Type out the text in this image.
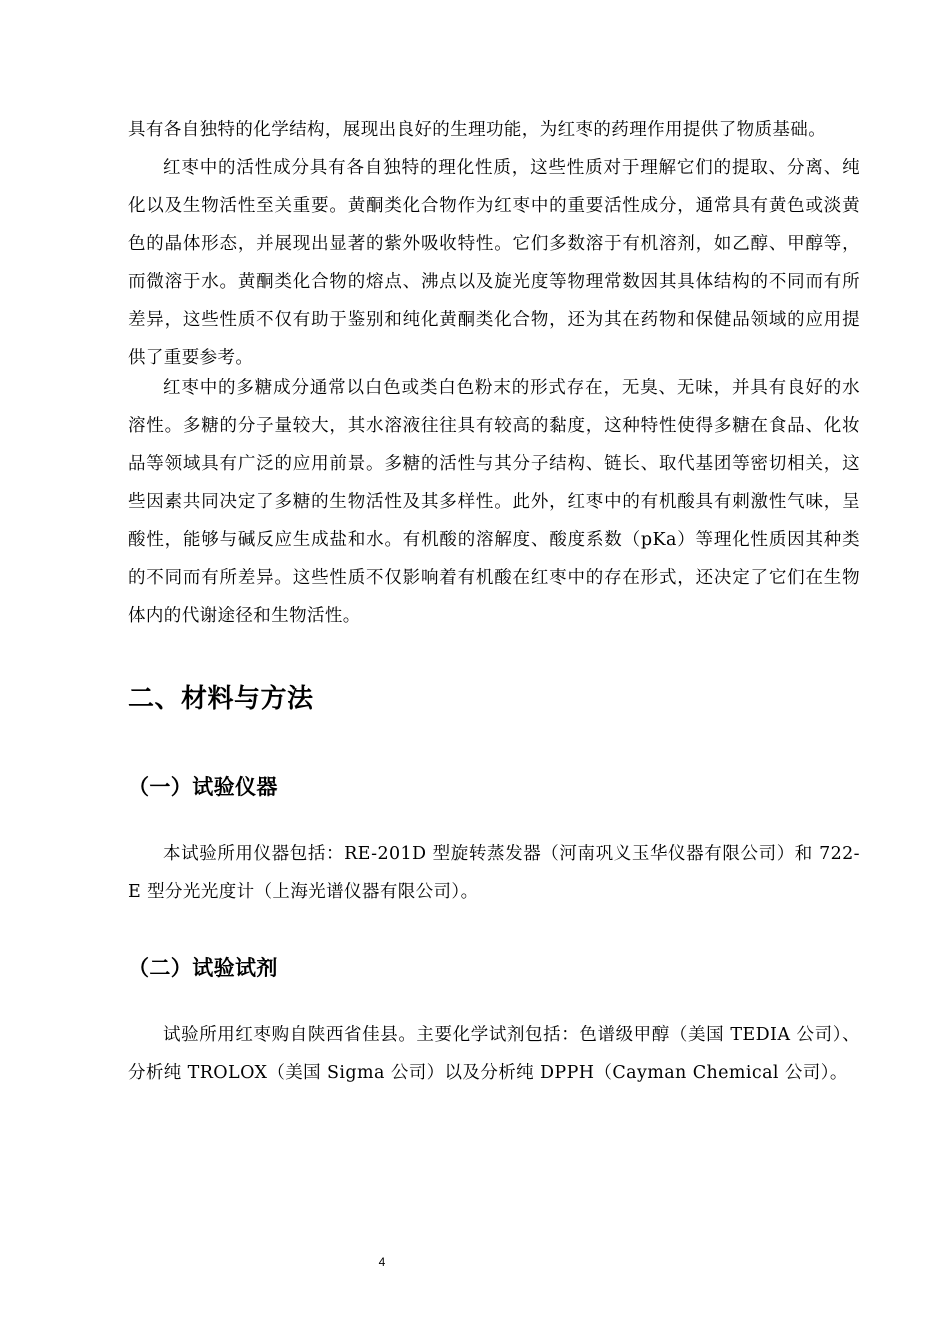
具有各自独特的化学结构，展现出良好的生理功能，为红枣的药理作用提供了物质基础。

红枣中的活性成分具有各自独特的理化性质，这些性质对于理解它们的提取、分离、纯化以及生物活性至关重要。黄酮类化合物作为红枣中的重要活性成分，通常具有黄色或淡黄色的晶体形态，并展现出显著的紫外吸收特性。它们多数溶于有机溶剂，如乙醇、甲醇等，而微溶于水。黄酮类化合物的熔点、沸点以及旋光度等物理常数因其具体结构的不同而有所差异，这些性质不仅有助于鉴别和纯化黄酮类化合物，还为其在药物和保健品领域的应用提供了重要参考。

红枣中的多糖成分通常以白色或类白色粉末的形式存在，无臭、无味，并具有良好的水溶性。多糖的分子量较大，其水溶液往往具有较高的黏度，这种特性使得多糖在食品、化妆品等领域具有广泛的应用前景。多糖的活性与其分子结构、链长、取代基团等密切相关，这些因素共同决定了多糖的生物活性及其多样性。此外，红枣中的有机酸具有刺激性气味，呈酸性，能够与碱反应生成盐和水。有机酸的溶解度、酸度系数（pKa）等理化性质因其种类的不同而有所差异。这些性质不仅影响着有机酸在红枣中的存在形式，还决定了它们在生物体内的代谢途径和生物活性。

二、材料与方法
（一）试验仪器

本试验所用仪器包括：RE-201D 型旋转蒸发器（河南巩义玉华仪器有限公司）和 722-E 型分光光度计（上海光谱仪器有限公司）。

（二）试验试剂

试验所用红枣购自陕西省佳县。主要化学试剂包括：色谱级甲醇（美国 TEDIA 公司）、分析纯 TROLOX（美国 Sigma 公司）以及分析纯 DPPH（Cayman Chemical 公司）。

4
